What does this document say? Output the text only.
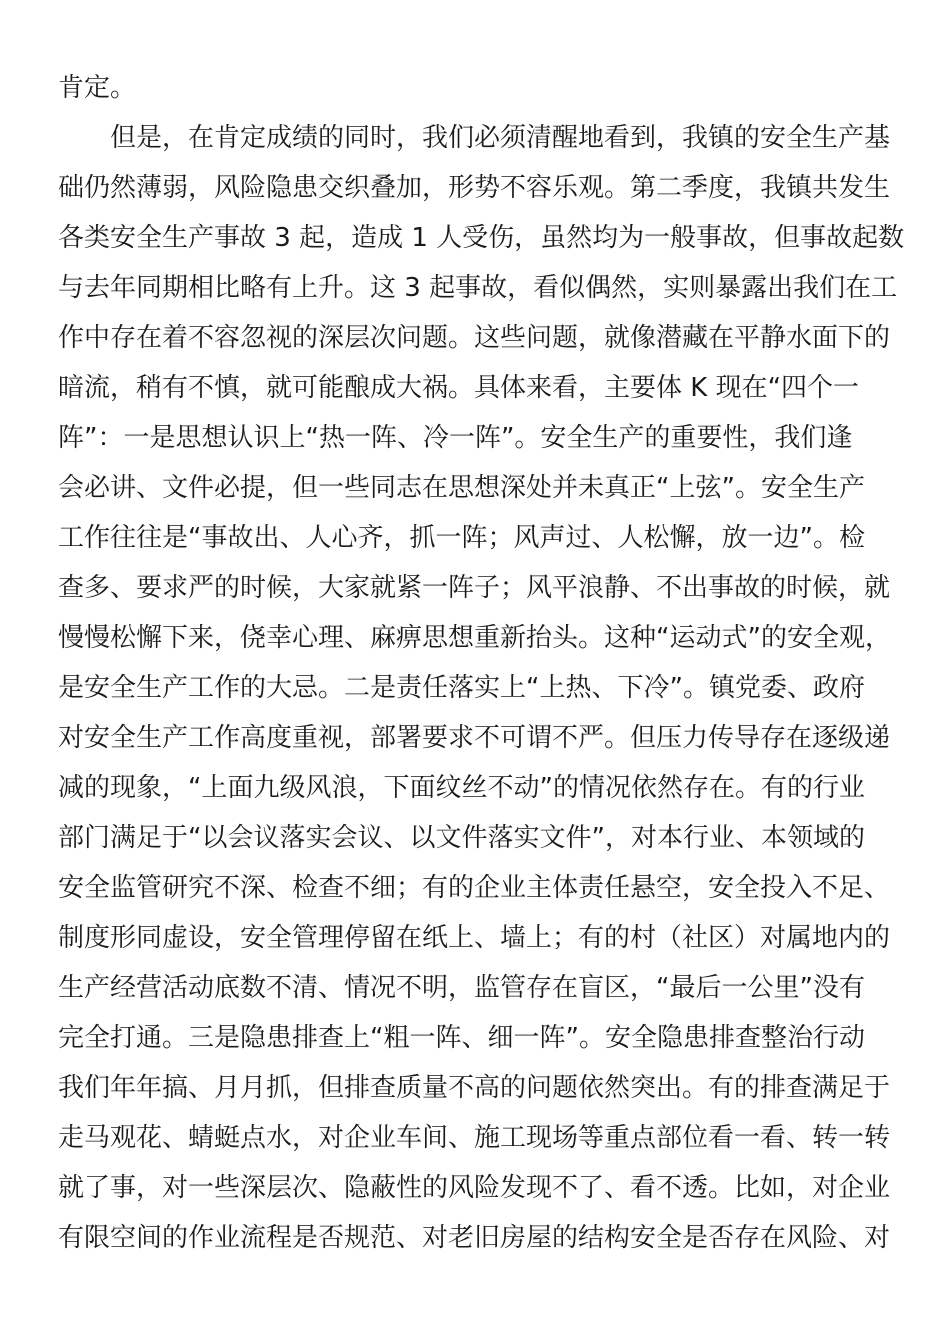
肯定。
但是，在肯定成绩的同时，我们必须清醒地看到，我镇的安全生产基
础仍然薄弱，风险隐患交织叠加，形势不容乐观。第二季度，我镇共发生
各类安全生产事故 3 起，造成 1 人受伤，虽然均为一般事故，但事故起数
与去年同期相比略有上升。这 3 起事故，看似偶然，实则暴露出我们在工
作中存在着不容忽视的深层次问题。这些问题，就像潜藏在平静水面下的
暗流，稍有不慎，就可能酿成大祸。具体来看，主要体 K 现在“四个一
阵”：一是思想认识上“热一阵、冷一阵”。安全生产的重要性，我们逢
会必讲、文件必提，但一些同志在思想深处并未真正“上弦”。安全生产
工作往往是“事故出、人心齐，抓一阵；风声过、人松懈，放一边”。检
查多、要求严的时候，大家就紧一阵子；风平浪静、不出事故的时候，就
慢慢松懈下来，侥幸心理、麻痹思想重新抬头。这种“运动式”的安全观，
是安全生产工作的大忌。二是责任落实上“上热、下冷”。镇党委、政府
对安全生产工作高度重视，部署要求不可谓不严。但压力传导存在逐级递
减的现象，“上面九级风浪，下面纹丝不动”的情况依然存在。有的行业
部门满足于“以会议落实会议、以文件落实文件”，对本行业、本领域的
安全监管研究不深、检查不细；有的企业主体责任悬空，安全投入不足、
制度形同虚设，安全管理停留在纸上、墙上；有的村（社区）对属地内的
生产经营活动底数不清、情况不明，监管存在盲区，“最后一公里”没有
完全打通。三是隐患排查上“粗一阵、细一阵”。安全隐患排查整治行动
我们年年搞、月月抓，但排查质量不高的问题依然突出。有的排查满足于
走马观花、蜻蜓点水，对企业车间、施工现场等重点部位看一看、转一转
就了事，对一些深层次、隐蔽性的风险发现不了、看不透。比如，对企业
有限空间的作业流程是否规范、对老旧房屋的结构安全是否存在风险、对
